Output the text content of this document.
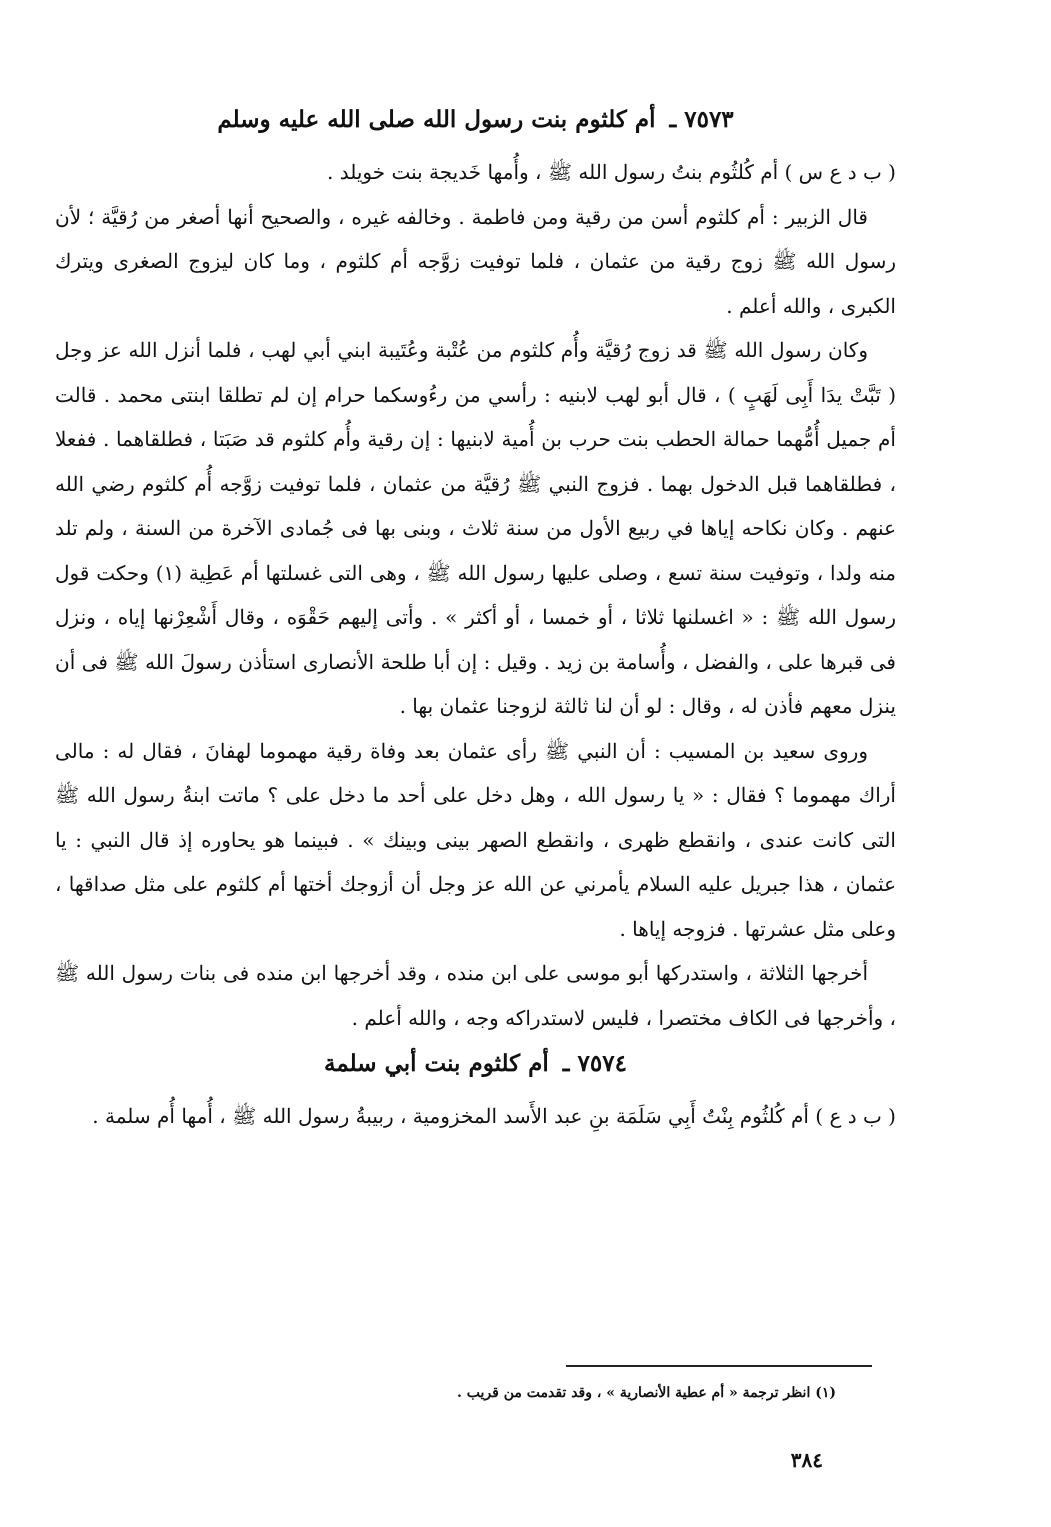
٧٥٧٣ ـ أم كلثوم بنت رسول الله صلى الله عليه وسلم

( ب د ع س ) أم كُلثُوم بنتُ رسول الله ﷺ ، وأُمها خَديجة بنت خويلد .

قال الزبير : أم كلثوم أسن من رقية ومن فاطمة . وخالفه غيره ، والصحيح أنها أصغر من رُقيَّة ؛ لأن رسول الله ﷺ زوج رقية من عثمان ، فلما توفيت زوَّجه أم كلثوم ، وما كان ليزوج الصغرى ويترك الكبرى ، والله أعلم .

وكان رسول الله ﷺ قد زوج رُقيَّة وأُم كلثوم من عُتْبة وعُتَيبة ابني أبي لهب ، فلما أنزل الله عز وجل ( تَبَّتْ يدَا أَبِى لَهَبٍ ) ، قال أبو لهب لابنيه : رأسي من رءُوسكما حرام إن لم تطلقا ابنتى محمد . قالت أم جميل أُمُّهما حمالة الحطب بنت حرب بن أُمية لابنيها : إن رقية وأُم كلثوم قد صَبَتا ، فطلقاهما . ففعلا ، فطلقاهما قبل الدخول بهما . فزوج النبي ﷺ رُقيَّة من عثمان ، فلما توفيت زوَّجه أُم كلثوم رضي الله عنهم . وكان نكاحه إياها في ربيع الأول من سنة ثلاث ، وبنى بها فى جُمادى الآخرة من السنة ، ولم تلد منه ولدا ، وتوفيت سنة تسع ، وصلى عليها رسول الله ﷺ ، وهى التى غسلتها أم عَطِية (١) وحكت قول رسول الله ﷺ : « اغسلنها ثلاثا ، أو خمسا ، أو أكثر » . وأتى إليهم حَقْوَه ، وقال أَشْعِرْنها إياه ، ونزل فى قبرها على ، والفضل ، وأُسامة بن زيد . وقيل : إن أبا طلحة الأنصارى استأذن رسولَ الله ﷺ فى أن ينزل معهم فأذن له ، وقال : لو أن لنا ثالثة لزوجنا عثمان بها .

وروى سعيد بن المسيب : أن النبي ﷺ رأى عثمان بعد وفاة رقية مهموما لهفانَ ، فقال له : مالى أراك مهموما ؟ فقال : « يا رسول الله ، وهل دخل على أحد ما دخل على ؟ ماتت ابنةُ رسول الله ﷺ التى كانت عندى ، وانقطع ظهرى ، وانقطع الصهر بينى وبينك » . فبينما هو يحاوره إذ قال النبي : يا عثمان ، هذا جبريل عليه السلام يأمرني عن الله عز وجل أن أزوجك أختها أم كلثوم على مثل صداقها ، وعلى مثل عشرتها . فزوجه إياها .

أخرجها الثلاثة ، واستدركها أبو موسى على ابن منده ، وقد أخرجها ابن منده فى بنات رسول الله ﷺ ، وأخرجها فى الكاف مختصرا ، فليس لاستدراكه وجه ، والله أعلم .

٧٥٧٤ ـ أم كلثوم بنت أبي سلمة

( ب د ع ) أم كُلثُوم بِنْتُ أَبِي سَلَمَة بنِ عبد الأَسد المخزومية ، ربيبةُ رسول الله ﷺ ، أُمها أُم سلمة .

(١) انظر ترجمة « أم عطية الأنصارية » ، وقد تقدمت من قريب .
٣٨٤
